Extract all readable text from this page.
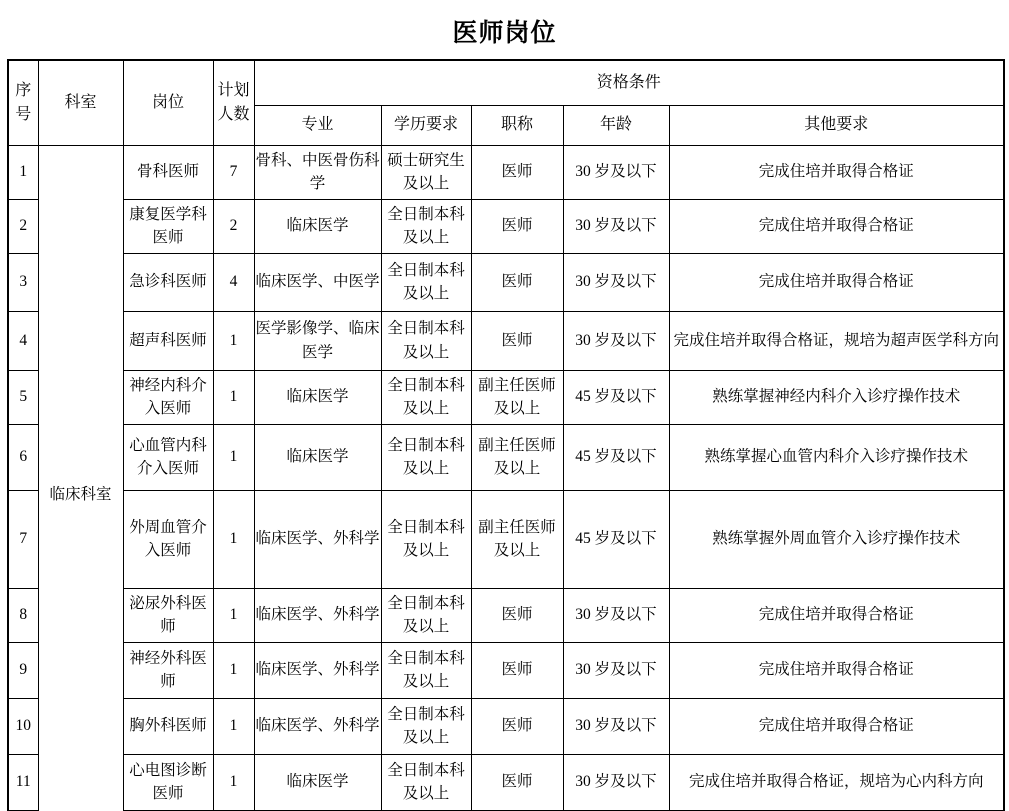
医师岗位
序号	科室	岗位	计划人数	资格条件				
				专业	学历要求	职称	年龄	其他要求
1	临床科室	骨科医师	7	骨科、中医骨伤科学	硕士研究生及以上	医师	30 岁及以下	完成住培并取得合格证
2		康复医学科医师	2	临床医学	全日制本科及以上	医师	30 岁及以下	完成住培并取得合格证
3		急诊科医师	4	临床医学、中医学	全日制本科及以上	医师	30 岁及以下	完成住培并取得合格证
4		超声科医师	1	医学影像学、临床医学	全日制本科及以上	医师	30 岁及以下	完成住培并取得合格证，规培为超声医学科方向
5		神经内科介入医师	1	临床医学	全日制本科及以上	副主任医师及以上	45 岁及以下	熟练掌握神经内科介入诊疗操作技术
6		心血管内科介入医师	1	临床医学	全日制本科及以上	副主任医师及以上	45 岁及以下	熟练掌握心血管内科介入诊疗操作技术
7		外周血管介入医师	1	临床医学、外科学	全日制本科及以上	副主任医师及以上	45 岁及以下	熟练掌握外周血管介入诊疗操作技术
8		泌尿外科医师	1	临床医学、外科学	全日制本科及以上	医师	30 岁及以下	完成住培并取得合格证
9		神经外科医师	1	临床医学、外科学	全日制本科及以上	医师	30 岁及以下	完成住培并取得合格证
10		胸外科医师	1	临床医学、外科学	全日制本科及以上	医师	30 岁及以下	完成住培并取得合格证
11		心电图诊断医师	1	临床医学	全日制本科及以上	医师	30 岁及以下	完成住培并取得合格证，规培为心内科方向
